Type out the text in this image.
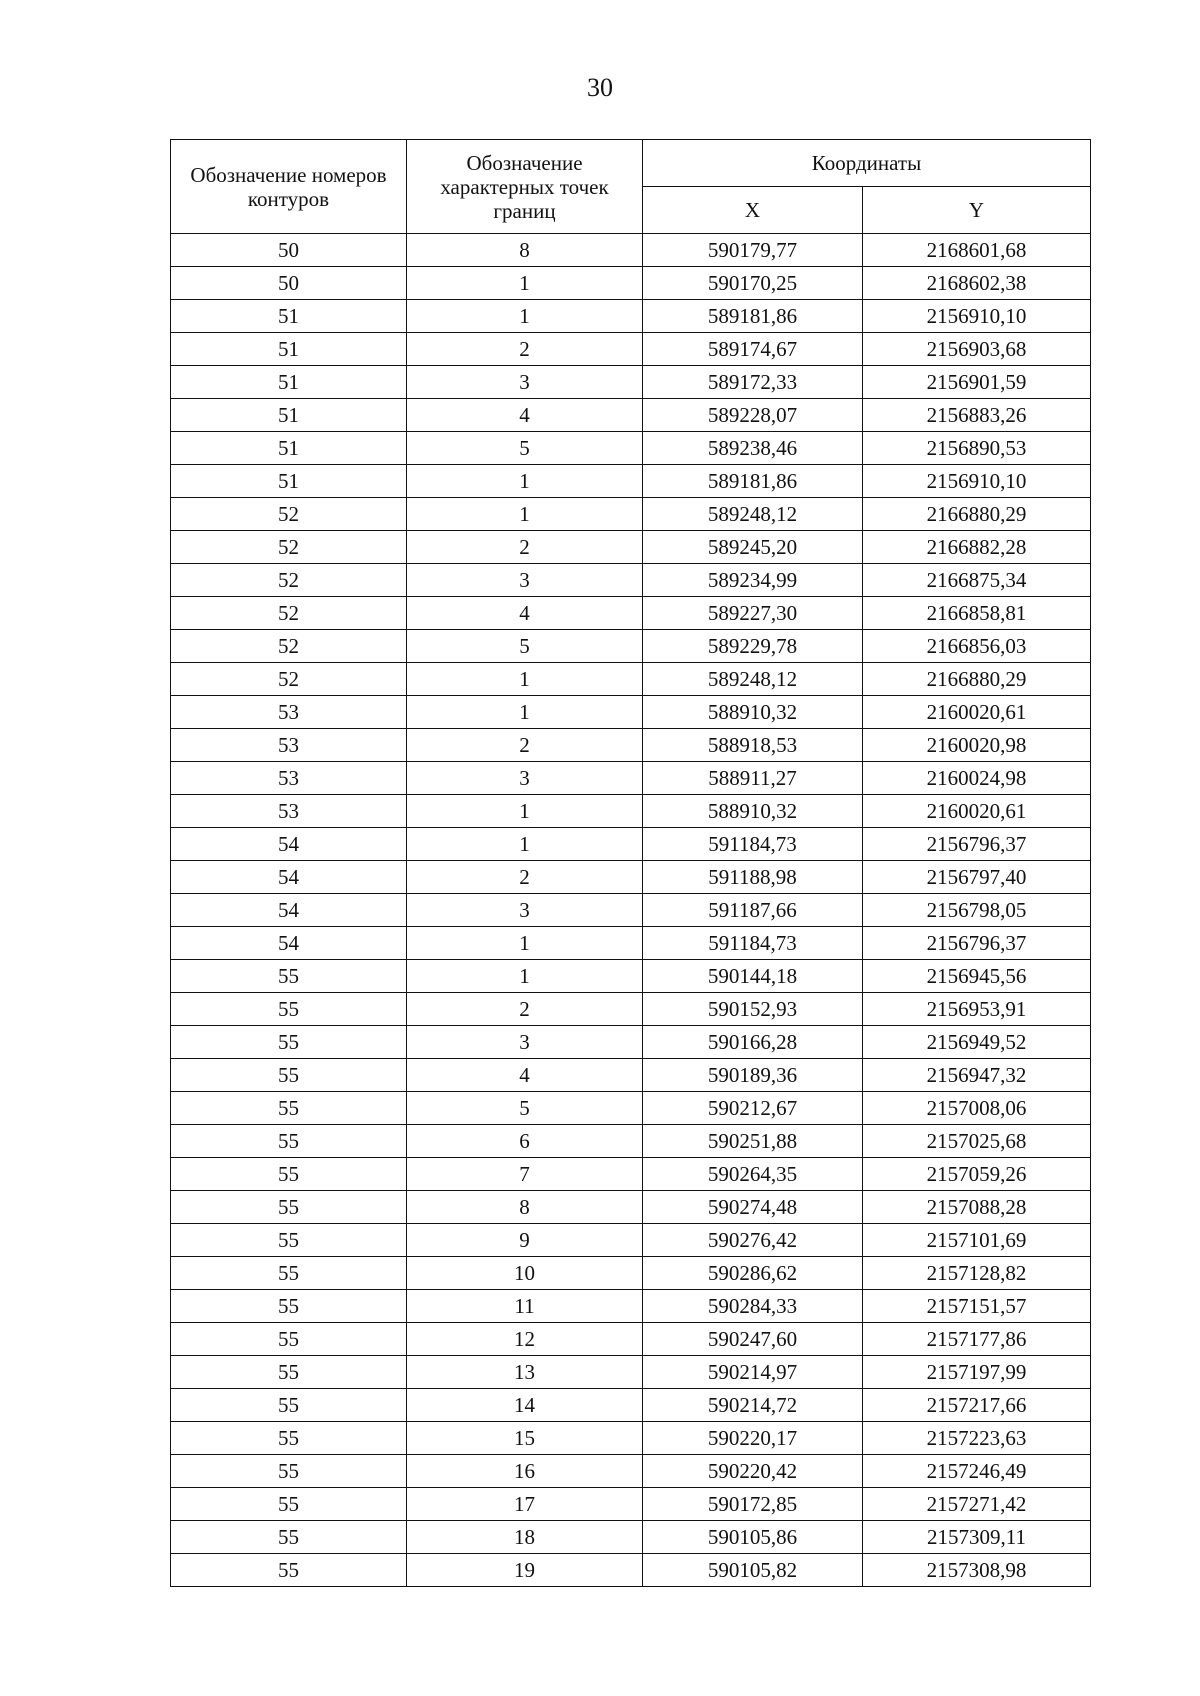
30
Обозначение номеров контуров	Обозначение характерных точек границ	Координаты	
		X	Y
50	8	590179,77	2168601,68
50	1	590170,25	2168602,38
51	1	589181,86	2156910,10
51	2	589174,67	2156903,68
51	3	589172,33	2156901,59
51	4	589228,07	2156883,26
51	5	589238,46	2156890,53
51	1	589181,86	2156910,10
52	1	589248,12	2166880,29
52	2	589245,20	2166882,28
52	3	589234,99	2166875,34
52	4	589227,30	2166858,81
52	5	589229,78	2166856,03
52	1	589248,12	2166880,29
53	1	588910,32	2160020,61
53	2	588918,53	2160020,98
53	3	588911,27	2160024,98
53	1	588910,32	2160020,61
54	1	591184,73	2156796,37
54	2	591188,98	2156797,40
54	3	591187,66	2156798,05
54	1	591184,73	2156796,37
55	1	590144,18	2156945,56
55	2	590152,93	2156953,91
55	3	590166,28	2156949,52
55	4	590189,36	2156947,32
55	5	590212,67	2157008,06
55	6	590251,88	2157025,68
55	7	590264,35	2157059,26
55	8	590274,48	2157088,28
55	9	590276,42	2157101,69
55	10	590286,62	2157128,82
55	11	590284,33	2157151,57
55	12	590247,60	2157177,86
55	13	590214,97	2157197,99
55	14	590214,72	2157217,66
55	15	590220,17	2157223,63
55	16	590220,42	2157246,49
55	17	590172,85	2157271,42
55	18	590105,86	2157309,11
55	19	590105,82	2157308,98
